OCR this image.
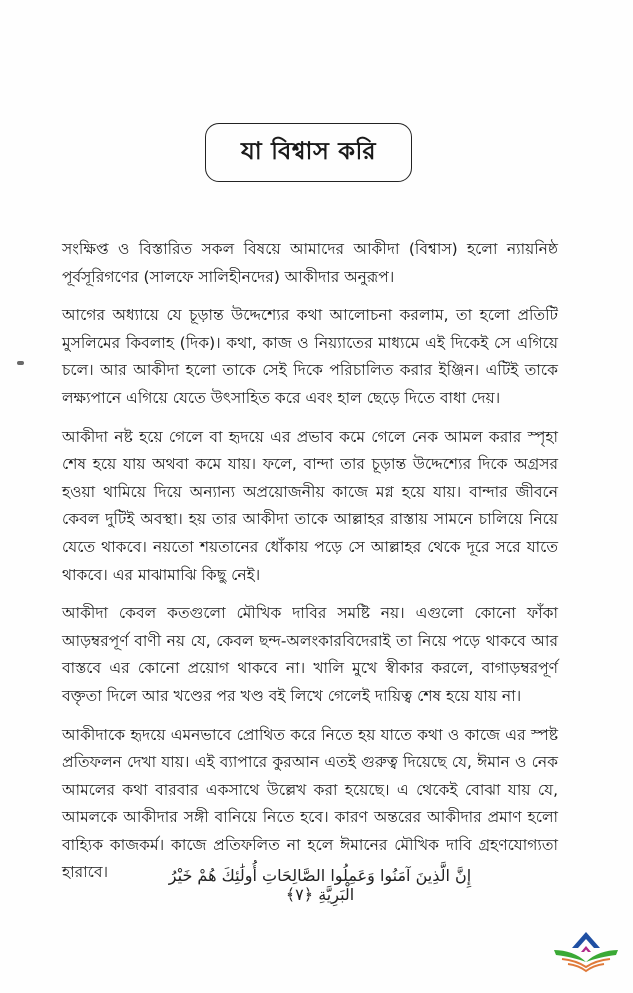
যা বিশ্বাস করি

সংক্ষিপ্ত ও বিস্তারিত সকল বিষয়ে আমাদের আকীদা (বিশ্বাস) হলো ন্যায়নিষ্ঠ পূর্বসূরিগণের (সালফে সালিহীনদের) আকীদার অনুরূপ।

আগের অধ্যায়ে যে চূড়ান্ত উদ্দেশ্যের কথা আলোচনা করলাম, তা হলো প্রতিটি মুসলিমের কিবলাহ (দিক)। কথা, কাজ ও নিয়্যাতের মাধ্যমে এই দিকেই সে এগিয়ে চলে। আর আকীদা হলো তাকে সেই দিকে পরিচালিত করার ইঞ্জিন। এটিই তাকে লক্ষ্যপানে এগিয়ে যেতে উৎসাহিত করে এবং হাল ছেড়ে দিতে বাধা দেয়।

আকীদা নষ্ট হয়ে গেলে বা হৃদয়ে এর প্রভাব কমে গেলে নেক আমল করার স্পৃহা শেষ হয়ে যায় অথবা কমে যায়। ফলে, বান্দা তার চূড়ান্ত উদ্দেশ্যের দিকে অগ্রসর হওয়া থামিয়ে দিয়ে অন্যান্য অপ্রয়োজনীয় কাজে মগ্ন হয়ে যায়। বান্দার জীবনে কেবল দুটিই অবস্থা। হয় তার আকীদা তাকে আল্লাহর রাস্তায় সামনে চালিয়ে নিয়ে যেতে থাকবে। নয়তো শয়তানের ধোঁকায় পড়ে সে আল্লাহর থেকে দূরে সরে যাতে থাকবে। এর মাঝামাঝি কিছু নেই।

আকীদা কেবল কতগুলো মৌখিক দাবির সমষ্টি নয়। এগুলো কোনো ফাঁকা আড়ম্বরপূর্ণ বাণী নয় যে, কেবল ছন্দ-অলংকারবিদেরাই তা নিয়ে পড়ে থাকবে আর বাস্তবে এর কোনো প্রয়োগ থাকবে না। খালি মুখে স্বীকার করলে, বাগাড়ম্বরপূর্ণ বক্তৃতা দিলে আর খণ্ডের পর খণ্ড বই লিখে গেলেই দায়িত্ব শেষ হয়ে যায় না।

আকীদাকে হৃদয়ে এমনভাবে প্রোথিত করে নিতে হয় যাতে কথা ও কাজে এর স্পষ্ট প্রতিফলন দেখা যায়। এই ব্যাপারে কুরআন এতই গুরুত্ব দিয়েছে যে, ঈমান ও নেক আমলের কথা বারবার একসাথে উল্লেখ করা হয়েছে। এ থেকেই বোঝা যায় যে, আমলকে আকীদার সঙ্গী বানিয়ে নিতে হবে। কারণ অন্তরের আকীদার প্রমাণ হলো বাহ্যিক কাজকর্ম। কাজে প্রতিফলিত না হলে ঈমানের মৌখিক দাবি গ্রহণযোগ্যতা হারাবে।	إِنَّ الَّذِينَ آمَنُوا وَعَمِلُوا الصَّالِحَاتِ أُولَٰئِكَ هُمْ خَيْرُ الْبَرِيَّةِ ﴿٧﴾
